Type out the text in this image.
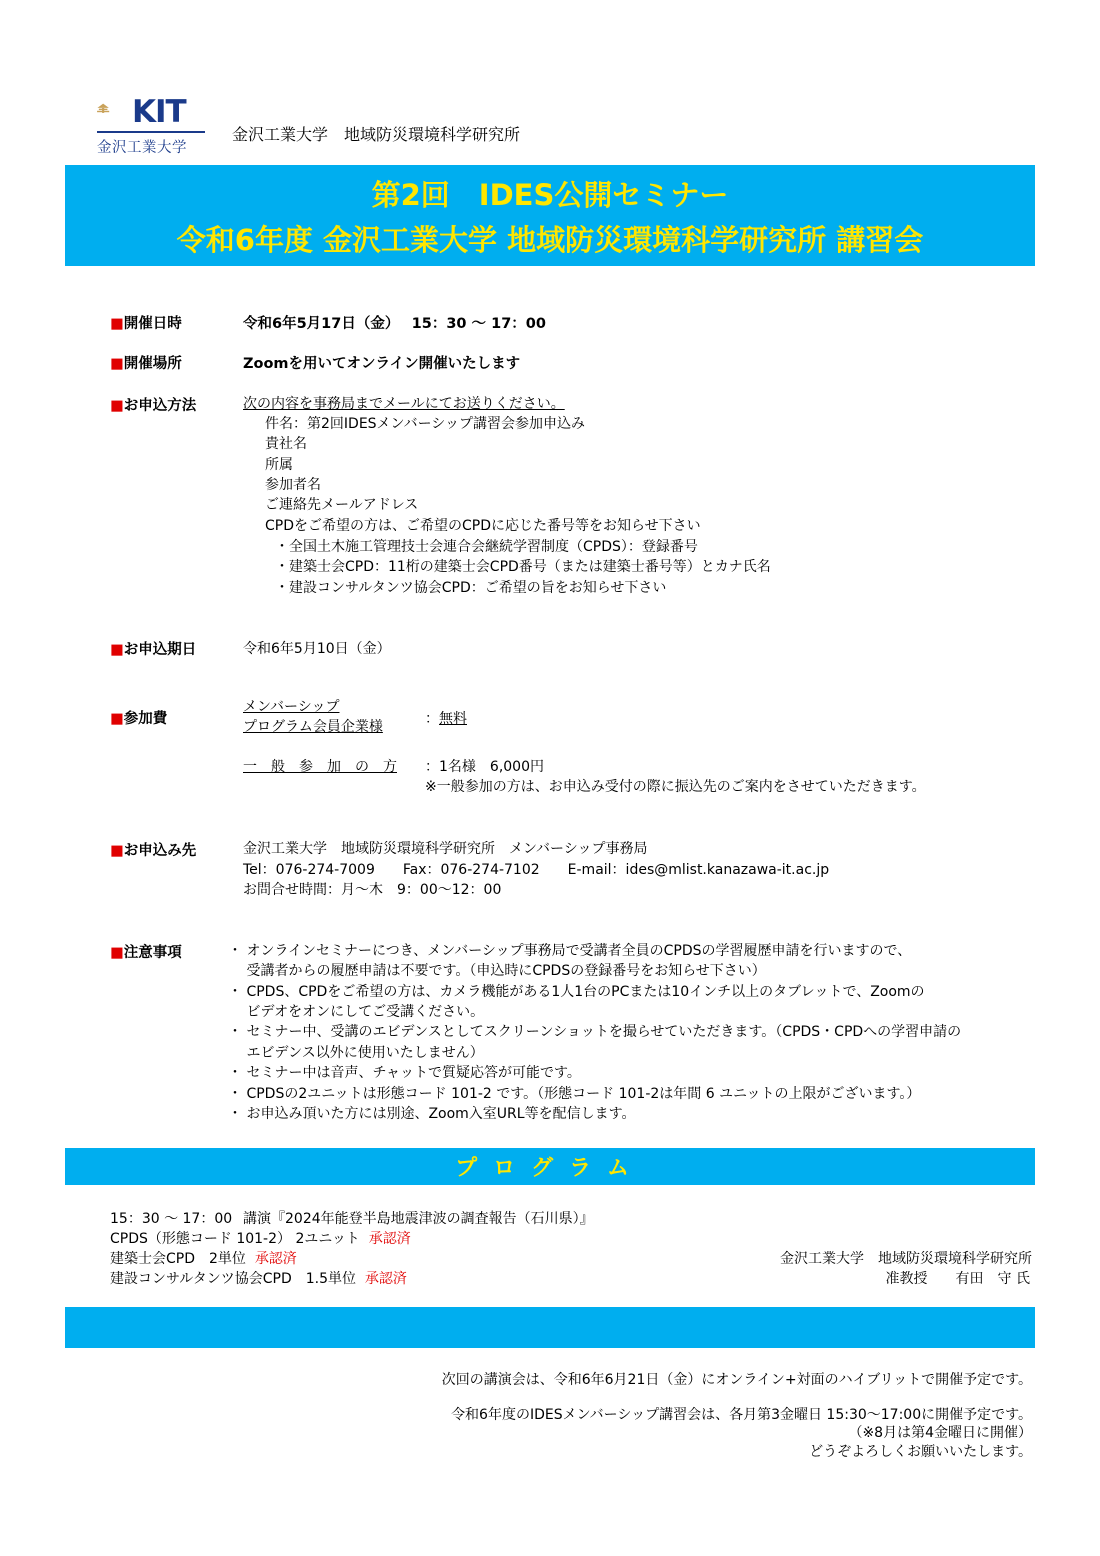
KIT
金沢工業大学
金沢工業大学　地域防災環境科学研究所
第2回　IDES公開セミナー
令和6年度 金沢工業大学 地域防災環境科学研究所 講習会
■開催日時	令和6年5月17日（金）　 15：30 ～ 17：00
■開催場所	Zoomを用いてオンライン開催いたします
■お申込方法	次の内容を事務局までメールにてお送りください。
件名：第2回IDESメンバーシップ講習会参加申込み
貴社名
所属
参加者名
ご連絡先メールアドレス
CPDをご希望の方は、ご希望のCPDに応じた番号等をお知らせ下さい
・全国土木施工管理技士会連合会継続学習制度（CPDS）：登録番号
・建築士会CPD：11桁の建築士会CPD番号（または建築士番号等）とカナ氏名
・建設コンサルタンツ協会CPD：ご希望の旨をお知らせ下さい
■お申込期日	令和6年5月10日（金）
■参加費
メンバーシップ
プログラム会員企業様	：無料
一　般　参　加　の　方 ：1名様　6,000円
※一般参加の方は、お申込み受付の際に振込先のご案内をさせていただきます。
■お申込み先	金沢工業大学　地域防災環境科学研究所　メンバーシップ事務局
Tel：076-274-7009　　Fax：076-274-7102　　E-mail：ides@mlist.kanazawa-it.ac.jp
お問合せ時間：月～木　9：00～12：00
■注意事項	・ オンラインセミナーにつき、メンバーシップ事務局で受講者全員のCPDSの学習履歴申請を行いますので、
　 受講者からの履歴申請は不要です。（申込時にCPDSの登録番号をお知らせ下さい）
・ CPDS、CPDをご希望の方は、カメラ機能がある1人1台のPCまたは10インチ以上のタブレットで、Zoomの
　 ビデオをオンにしてご受講ください。
・ セミナー中、受講のエビデンスとしてスクリーンショットを撮らせていただきます。（CPDS・CPDへの学習申請の
　 エビデンス以外に使用いたしません）
・ セミナー中は音声、チャットで質疑応答が可能です。
・ CPDSの2ユニットは形態コード 101-2 です。（形態コード 101-2は年間 6 ユニットの上限がございます。）
・ お申込み頂いた方には別途、Zoom入室URL等を配信します。
プログラム
15：30 ～ 17：00 講演『2024年能登半島地震津波の調査報告（石川県）』
CPDS（形態コード 101-2） 2ユニット 承認済
建築士会CPD　2単位 承認済
建設コンサルタンツ協会CPD　1.5単位 承認済
金沢工業大学　地域防災環境科学研究所
准教授　　有田　守 氏
次回の講演会は、令和6年6月21日（金）にオンライン+対面のハイブリットで開催予定です。
令和6年度のIDESメンバーシップ講習会は、各月第3金曜日 15:30～17:00に開催予定です。
（※8月は第4金曜日に開催）
どうぞよろしくお願いいたします。
